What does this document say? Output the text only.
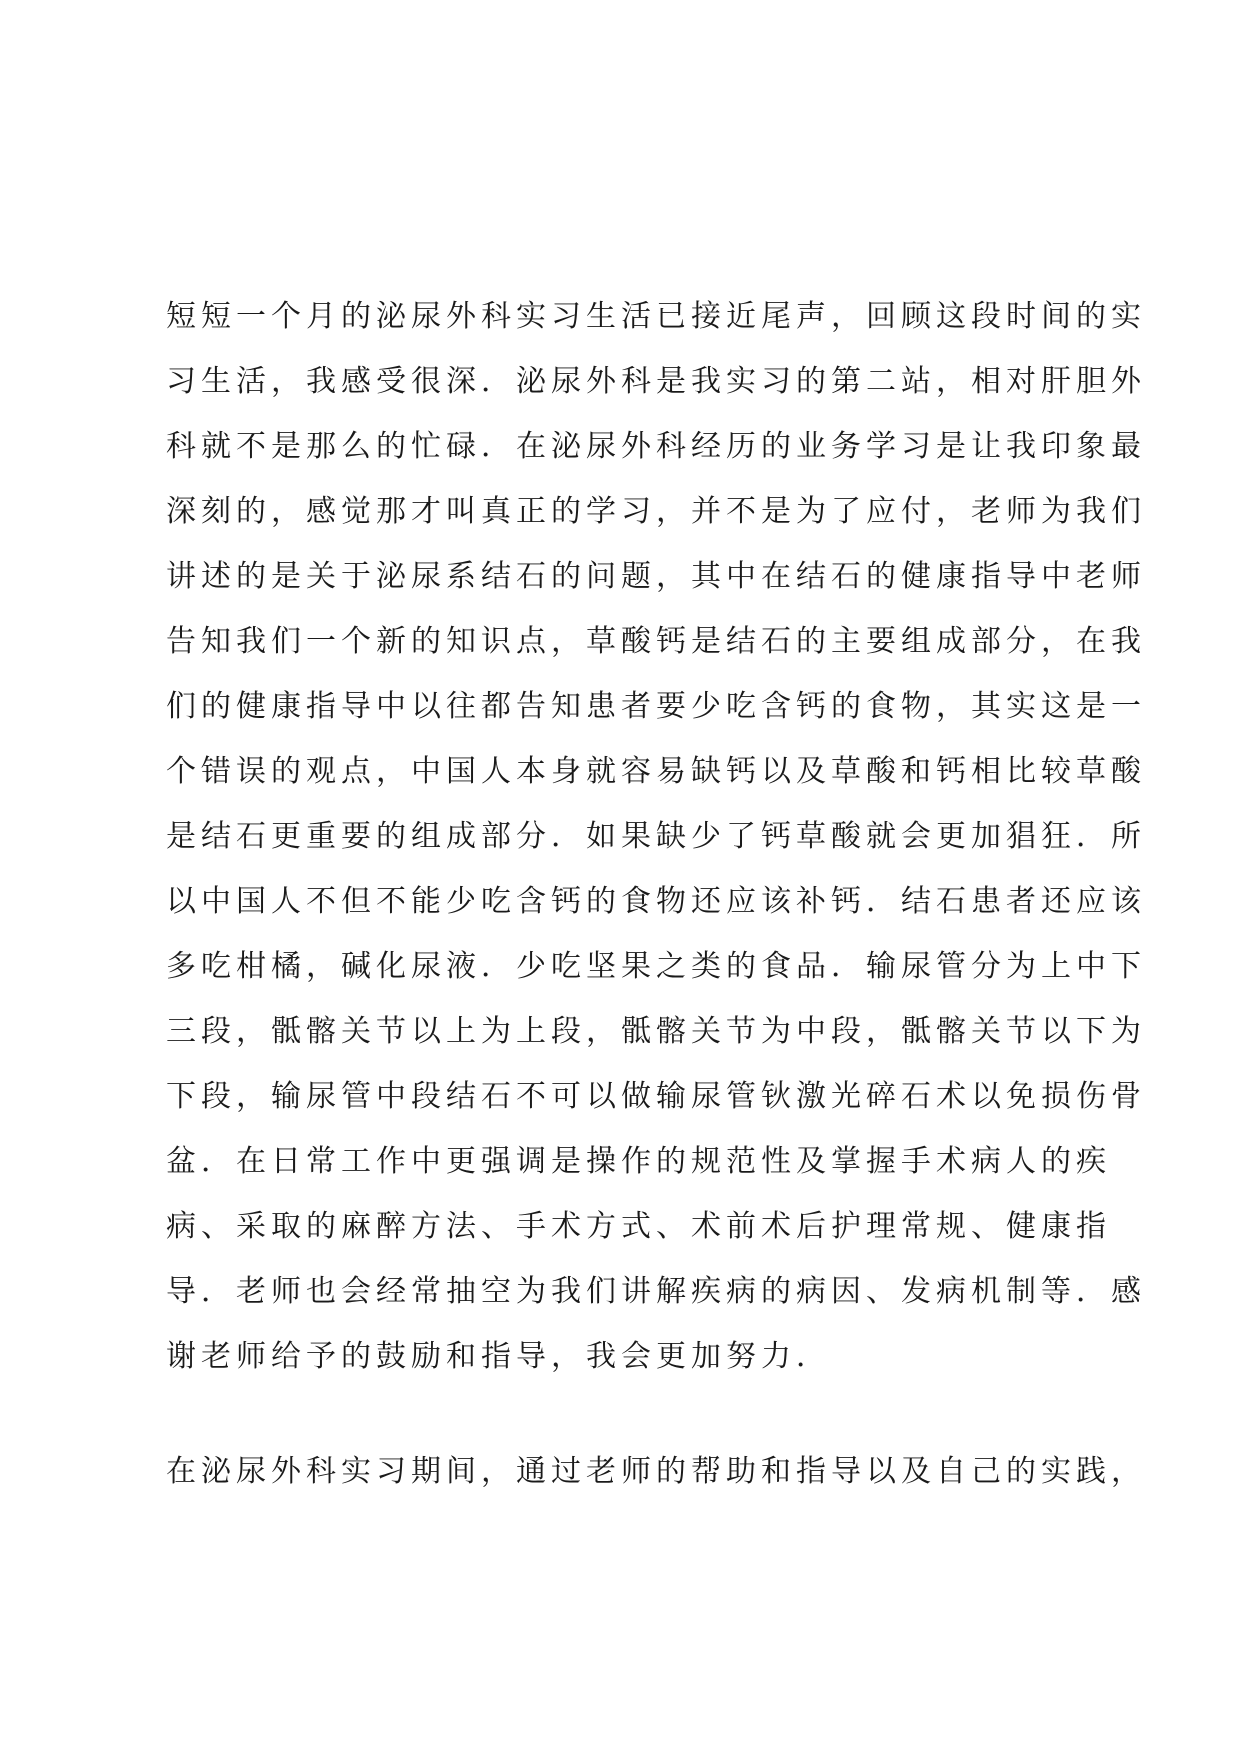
短短一个月的泌尿外科实习生活已接近尾声，回顾这段时间的实
习生活，我感受很深．泌尿外科是我实习的第二站，相对肝胆外
科就不是那么的忙碌．在泌尿外科经历的业务学习是让我印象最
深刻的，感觉那才叫真正的学习，并不是为了应付，老师为我们
讲述的是关于泌尿系结石的问题，其中在结石的健康指导中老师
告知我们一个新的知识点，草酸钙是结石的主要组成部分，在我
们的健康指导中以往都告知患者要少吃含钙的食物，其实这是一
个错误的观点，中国人本身就容易缺钙以及草酸和钙相比较草酸
是结石更重要的组成部分．如果缺少了钙草酸就会更加猖狂．所
以中国人不但不能少吃含钙的食物还应该补钙．结石患者还应该
多吃柑橘，碱化尿液．少吃坚果之类的食品．输尿管分为上中下
三段，骶髂关节以上为上段，骶髂关节为中段，骶髂关节以下为
下段，输尿管中段结石不可以做输尿管钬激光碎石术以免损伤骨
盆．在日常工作中更强调是操作的规范性及掌握手术病人的疾
病、采取的麻醉方法、手术方式、术前术后护理常规、健康指
导．老师也会经常抽空为我们讲解疾病的病因、发病机制等．感
谢老师给予的鼓励和指导，我会更加努力．
在泌尿外科实习期间，通过老师的帮助和指导以及自己的实践，
